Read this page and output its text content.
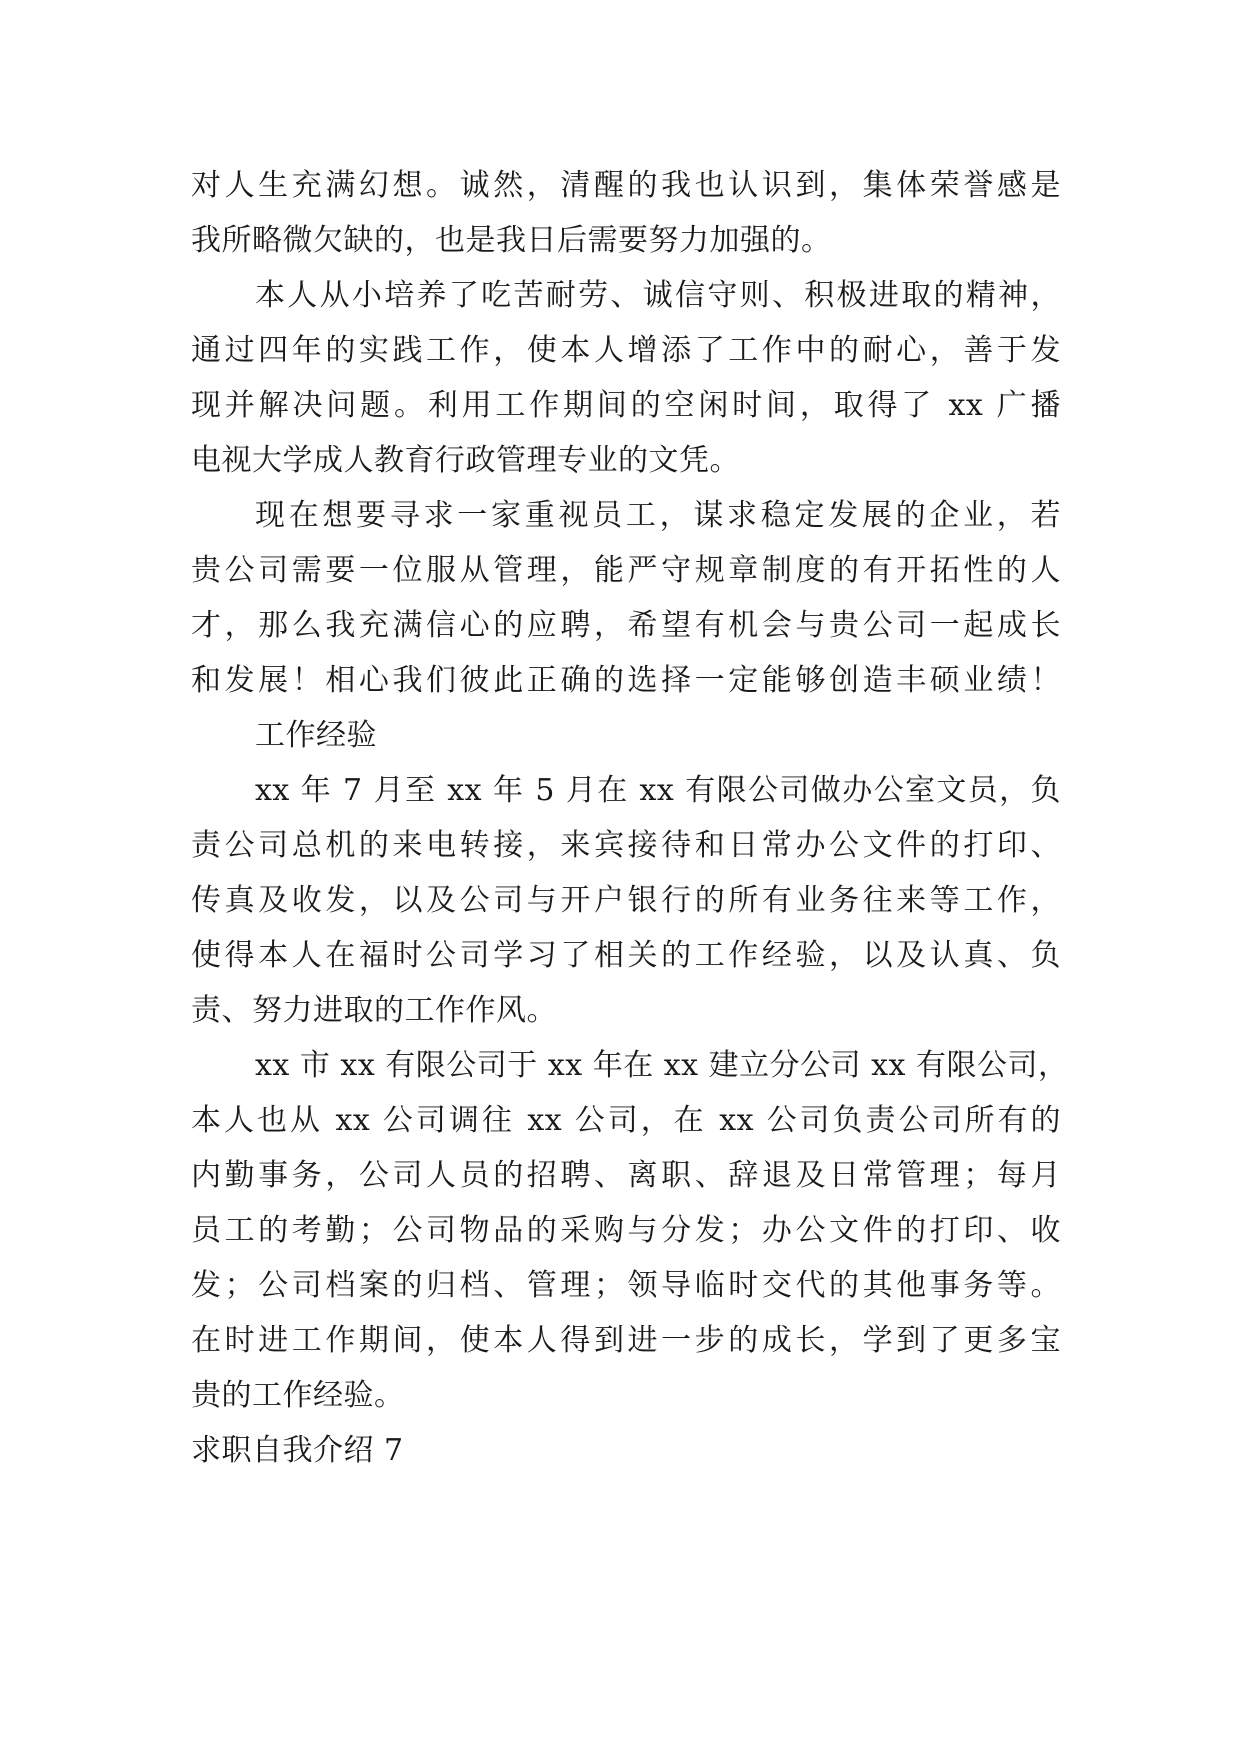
对人生充满幻想。诚然，清醒的我也认识到，集体荣誉感是
我所略微欠缺的，也是我日后需要努力加强的。
本人从小培养了吃苦耐劳、诚信守则、积极进取的精神，
通过四年的实践工作，使本人增添了工作中的耐心，善于发
现并解决问题。利用工作期间的空闲时间，取得了 xx 广播
电视大学成人教育行政管理专业的文凭。
现在想要寻求一家重视员工，谋求稳定发展的企业，若
贵公司需要一位服从管理，能严守规章制度的有开拓性的人
才，那么我充满信心的应聘，希望有机会与贵公司一起成长
和发展！相心我们彼此正确的选择一定能够创造丰硕业绩！
工作经验
xx 年 7 月至 xx 年 5 月在 xx 有限公司做办公室文员，负
责公司总机的来电转接，来宾接待和日常办公文件的打印、
传真及收发，以及公司与开户银行的所有业务往来等工作，
使得本人在福时公司学习了相关的工作经验，以及认真、负
责、努力进取的工作作风。
xx 市 xx 有限公司于 xx 年在 xx 建立分公司 xx 有限公司，
本人也从 xx 公司调往 xx 公司，在 xx 公司负责公司所有的
内勤事务，公司人员的招聘、离职、辞退及日常管理；每月
员工的考勤；公司物品的采购与分发；办公文件的打印、收
发；公司档案的归档、管理；领导临时交代的其他事务等。
在时进工作期间，使本人得到进一步的成长，学到了更多宝
贵的工作经验。
求职自我介绍 7
